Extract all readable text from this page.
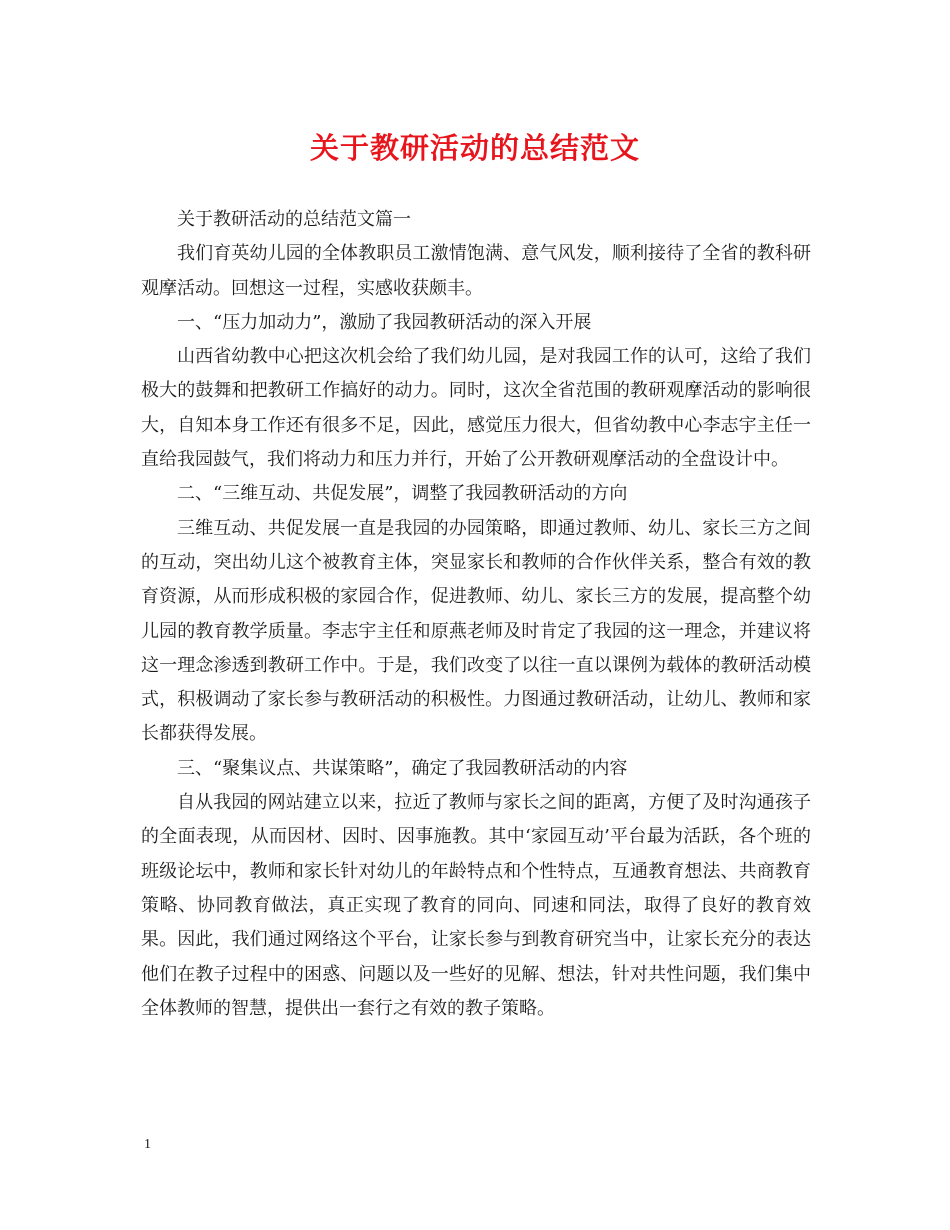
关于教研活动的总结范文

关于教研活动的总结范文篇一

我们育英幼儿园的全体教职员工激情饱满、意气风发，顺利接待了全省的教科研观摩活动。回想这一过程，实感收获颇丰。

一、“压力加动力”，激励了我园教研活动的深入开展

山西省幼教中心把这次机会给了我们幼儿园，是对我园工作的认可，这给了我们极大的鼓舞和把教研工作搞好的动力。同时，这次全省范围的教研观摩活动的影响很大，自知本身工作还有很多不足，因此，感觉压力很大，但省幼教中心李志宇主任一直给我园鼓气，我们将动力和压力并行，开始了公开教研观摩活动的全盘设计中。

二、“三维互动、共促发展”，调整了我园教研活动的方向

三维互动、共促发展一直是我园的办园策略，即通过教师、幼儿、家长三方之间的互动，突出幼儿这个被教育主体，突显家长和教师的合作伙伴关系，整合有效的教育资源，从而形成积极的家园合作，促进教师、幼儿、家长三方的发展，提高整个幼儿园的教育教学质量。李志宇主任和原燕老师及时肯定了我园的这一理念，并建议将这一理念渗透到教研工作中。于是，我们改变了以往一直以课例为载体的教研活动模式，积极调动了家长参与教研活动的积极性。力图通过教研活动，让幼儿、教师和家长都获得发展。

三、“聚集议点、共谋策略”，确定了我园教研活动的内容

自从我园的网站建立以来，拉近了教师与家长之间的距离，方便了及时沟通孩子的全面表现，从而因材、因时、因事施教。其中‘家园互动’平台最为活跃，各个班的班级论坛中，教师和家长针对幼儿的年龄特点和个性特点，互通教育想法、共商教育策略、协同教育做法，真正实现了教育的同向、同速和同法，取得了良好的教育效果。因此，我们通过网络这个平台，让家长参与到教育研究当中，让家长充分的表达他们在教子过程中的困惑、问题以及一些好的见解、想法，针对共性问题，我们集中全体教师的智慧，提供出一套行之有效的教子策略。

1
